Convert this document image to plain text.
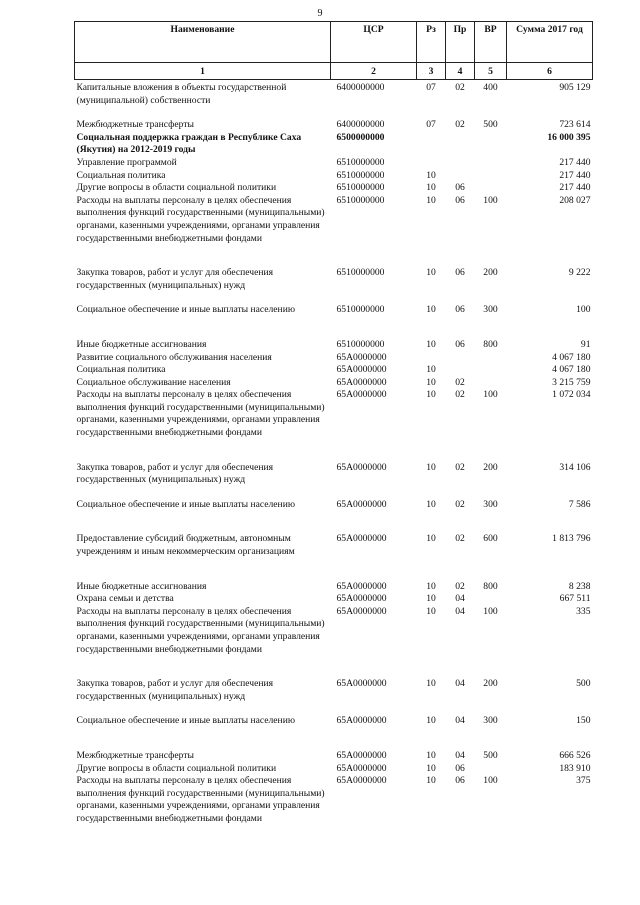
9
Наименование	ЦСР	Рз	Пр	ВР	Сумма 2017 год
1	2	3	4	5	6
Капитальные вложения в объекты государственной (муниципальной) собственности	6400000000	07	02	400	905 129
Межбюджетные трансферты	6400000000	07	02	500	723 614
Социальная поддержка граждан в Республике Саха (Якутия) на 2012-2019 годы	6500000000				16 000 395
Управление программой	6510000000				217 440
Социальная политика	6510000000	10			217 440
Другие вопросы в области социальной политики	6510000000	10	06		217 440
Расходы на выплаты персоналу в целях обеспечения выполнения функций государственными (муниципальными) органами, казенными учреждениями, органами управления государственными внебюджетными фондами	6510000000	10	06	100	208 027
Закупка товаров, работ и услуг для обеспечения государственных (муниципальных) нужд	6510000000	10	06	200	9 222
Социальное обеспечение и иные выплаты населению	6510000000	10	06	300	100
Иные бюджетные ассигнования	6510000000	10	06	800	91
Развитие социального обслуживания населения	65А0000000				4 067 180
Социальная политика	65А0000000	10			4 067 180
Социальное обслуживание населения	65А0000000	10	02		3 215 759
Расходы на выплаты персоналу в целях обеспечения выполнения функций государственными (муниципальными) органами, казенными учреждениями, органами управления государственными внебюджетными фондами	65А0000000	10	02	100	1 072 034
Закупка товаров, работ и услуг для обеспечения государственных (муниципальных) нужд	65А0000000	10	02	200	314 106
Социальное обеспечение и иные выплаты населению	65А0000000	10	02	300	7 586
Предоставление субсидий бюджетным, автономным учреждениям и иным некоммерческим организациям	65А0000000	10	02	600	1 813 796
Иные бюджетные ассигнования	65А0000000	10	02	800	8 238
Охрана семьи и детства	65А0000000	10	04		667 511
Расходы на выплаты персоналу в целях обеспечения выполнения функций государственными (муниципальными) органами, казенными учреждениями, органами управления государственными внебюджетными фондами	65А0000000	10	04	100	335
Закупка товаров, работ и услуг для обеспечения государственных (муниципальных) нужд	65А0000000	10	04	200	500
Социальное обеспечение и иные выплаты населению	65А0000000	10	04	300	150
Межбюджетные трансферты	65А0000000	10	04	500	666 526
Другие вопросы в области социальной политики	65А0000000	10	06		183 910
Расходы на выплаты персоналу в целях обеспечения выполнения функций государственными (муниципальными) органами, казенными учреждениями, органами управления государственными внебюджетными фондами	65А0000000	10	06	100	375
